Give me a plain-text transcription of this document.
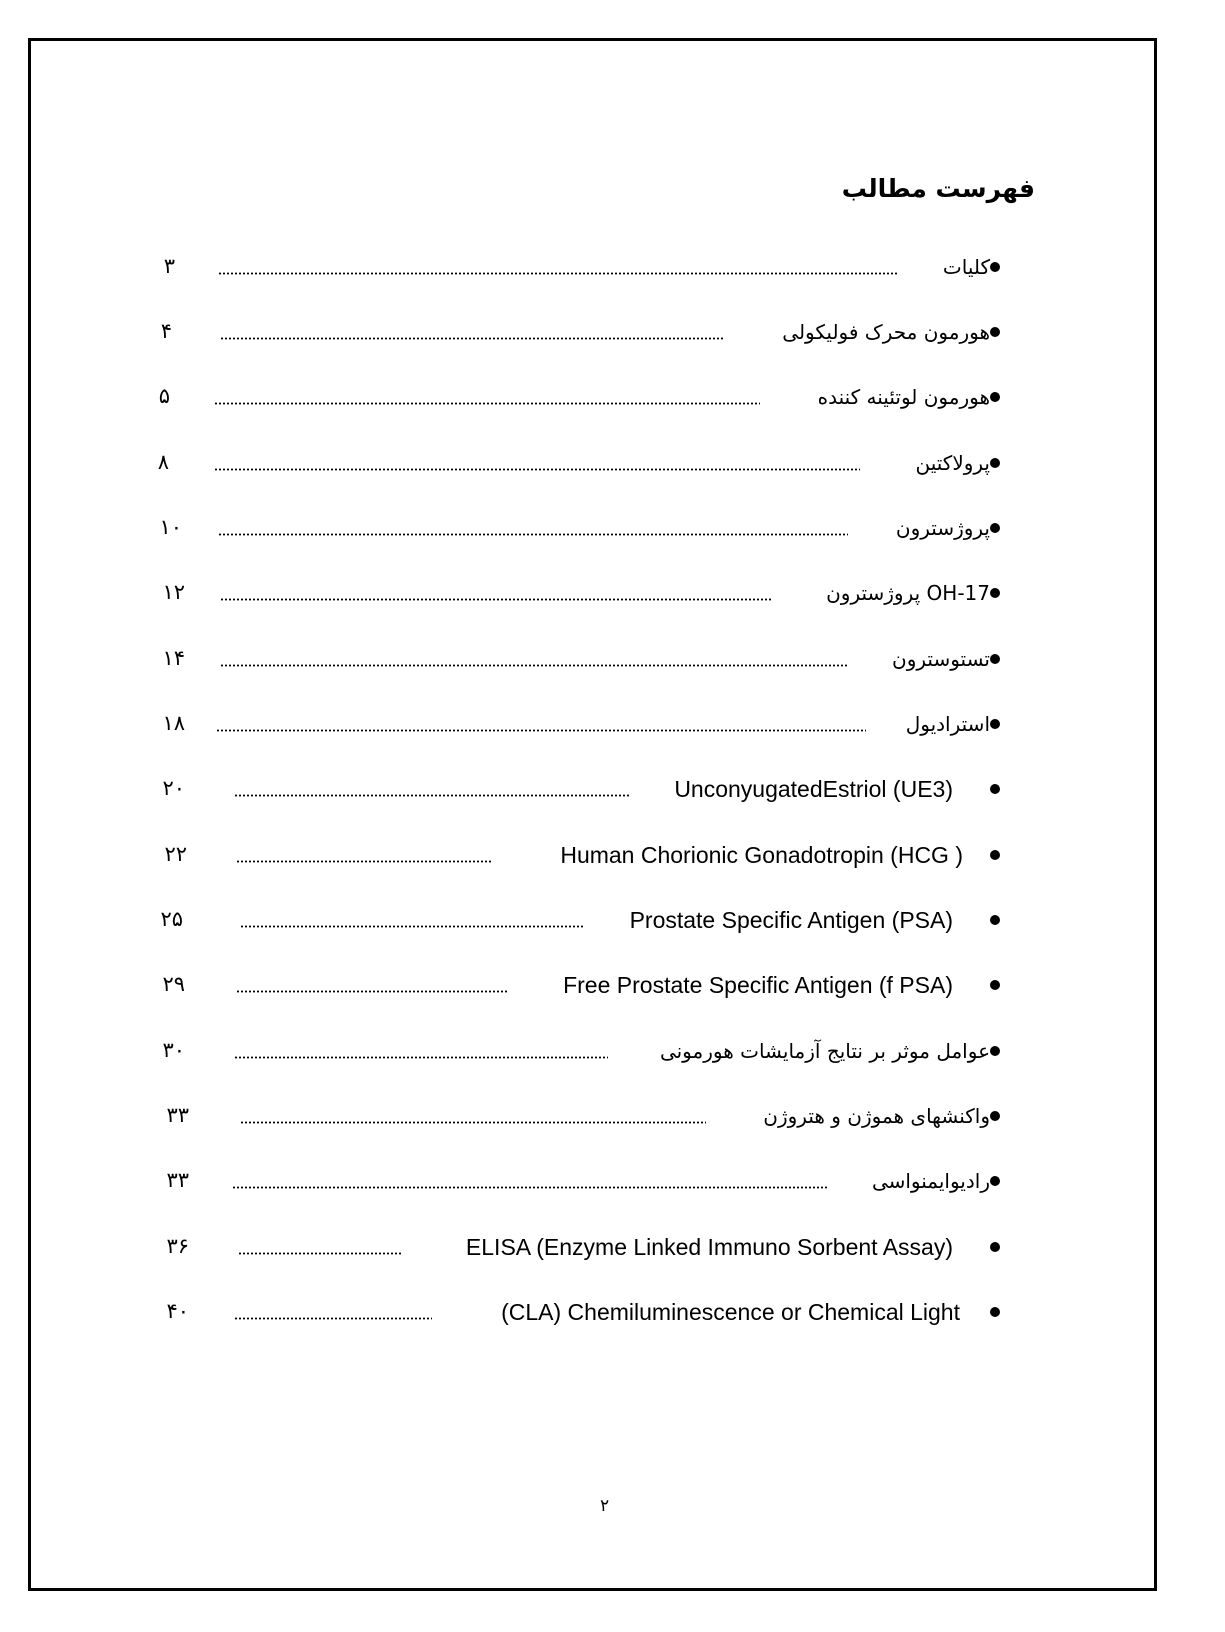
فهرست مطالب
کلیات
۳
هورمون محرک فولیکولی
۴
هورمون لوتئینه کننده
۵
پرولاکتین
۸
پروژسترون
۱۰
17-OH پروژسترون
۱۲
تستوسترون
۱۴
استرادیول
۱۸
UnconyugatedEstriol (UE3)
۲۰
Human Chorionic Gonadotropin (HCG )
۲۲
Prostate Specific Antigen (PSA)
۲۵
Free Prostate Specific Antigen (f PSA)
۲۹
عوامل موثر بر نتایج آزمایشات هورمونی
۳۰
واکنشهای هموژن و هتروژن
۳۳
رادیوایمنواسی
۳۳
ELISA (Enzyme Linked Immuno Sorbent Assay)
۳۶
(CLA) Chemiluminescence or Chemical Light
۴۰
۲
